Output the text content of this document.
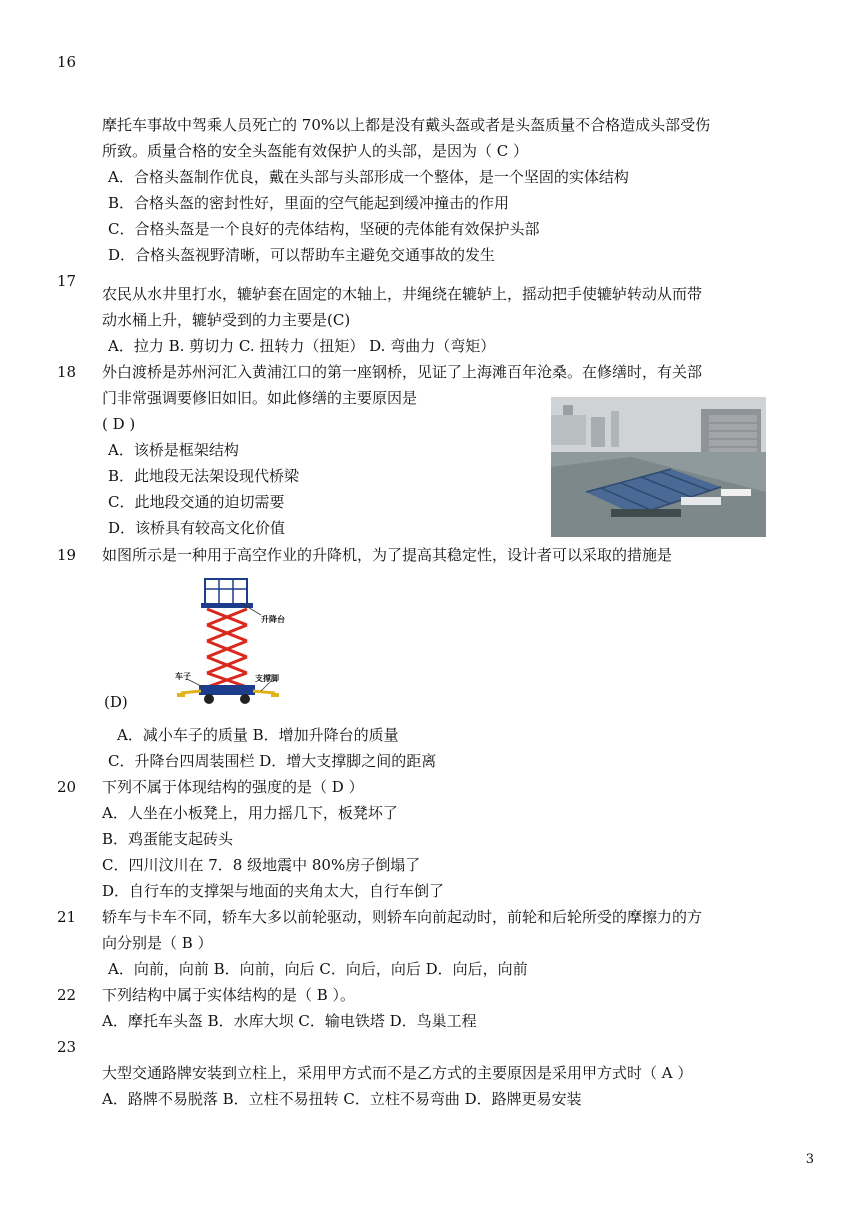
16
摩托车事故中驾乘人员死亡的 70%以上都是没有戴头盔或者是头盔质量不合格造成头部受伤
所致。质量合格的安全头盔能有效保护人的头部，是因为（ C ）
A．合格头盔制作优良，戴在头部与头部形成一个整体，是一个坚固的实体结构
B．合格头盔的密封性好，里面的空气能起到缓冲撞击的作用
C．合格头盔是一个良好的壳体结构，坚硬的壳体能有效保护头部
D．合格头盔视野清晰，可以帮助车主避免交通事故的发生
17
农民从水井里打水，辘轳套在固定的木轴上，井绳绕在辘轳上，摇动把手使辘轳转动从而带
动水桶上升，辘轳受到的力主要是(C)
A．拉力 B. 剪切力 C. 扭转力（扭矩） D. 弯曲力（弯矩）
18 外白渡桥是苏州河汇入黄浦江口的第一座钢桥，见证了上海滩百年沧桑。在修缮时，有关部
门非常强调要修旧如旧。如此修缮的主要原因是
( D )
A．该桥是框架结构
B．此地段无法架设现代桥梁
C．此地段交通的迫切需要
D．该桥具有较高文化价值
19 如图所示是一种用于高空作业的升降机，为了提高其稳定性，设计者可以采取的措施是
升降台
车子	支撑脚
(D)
A．减小车子的质量 B．增加升降台的质量
C．升降台四周装围栏 D．增大支撑脚之间的距离
20 下列不属于体现结构的强度的是（ D ）
A．人坐在小板凳上，用力摇几下，板凳坏了
B．鸡蛋能支起砖头
C．四川汶川在 7．8 级地震中 80%房子倒塌了
D．自行车的支撑架与地面的夹角太大，自行车倒了
21 轿车与卡车不同，轿车大多以前轮驱动，则轿车向前起动时，前轮和后轮所受的摩擦力的方
向分别是（ B ）
A．向前，向前 B．向前，向后 C．向后，向后 D．向后，向前
22 下列结构中属于实体结构的是（ B ）。
A．摩托车头盔 B．水库大坝 C．输电铁塔 D．鸟巢工程
23
大型交通路牌安装到立柱上，采用甲方式而不是乙方式的主要原因是采用甲方式时（ A ）
A．路牌不易脱落 B．立柱不易扭转 C．立柱不易弯曲 D．路牌更易安装
3
